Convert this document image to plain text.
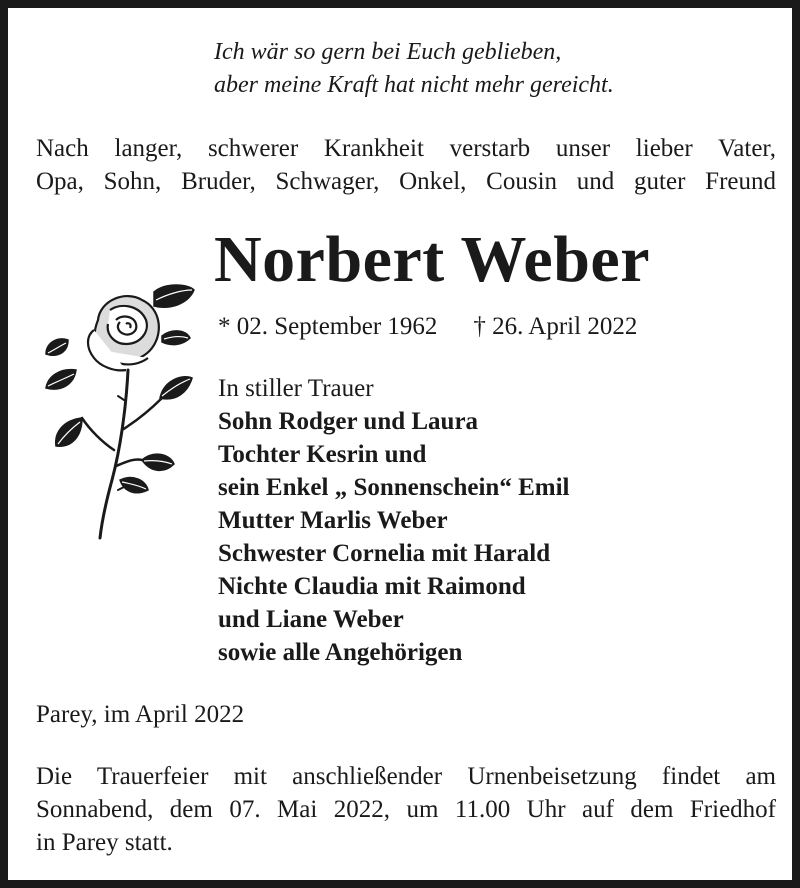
Ich wär so gern bei Euch geblieben,
aber meine Kraft hat nicht mehr gereicht.
Nach langer, schwerer Krankheit verstarb unser lieber Vater,
Opa, Sohn, Bruder, Schwager, Onkel, Cousin und guter Freund
Norbert Weber
* 02. September 1962 † 26. April 2022
In stiller Trauer
Sohn Rodger und Laura
Tochter Kesrin und
sein Enkel „ Sonnenschein“ Emil
Mutter Marlis Weber
Schwester Cornelia mit Harald
Nichte Claudia mit Raimond
und Liane Weber
sowie alle Angehörigen
Parey, im April 2022
Die Trauerfeier mit anschließender Urnenbeisetzung findet am
Sonnabend, dem 07. Mai 2022, um 11.00 Uhr auf dem Friedhof
in Parey statt.
